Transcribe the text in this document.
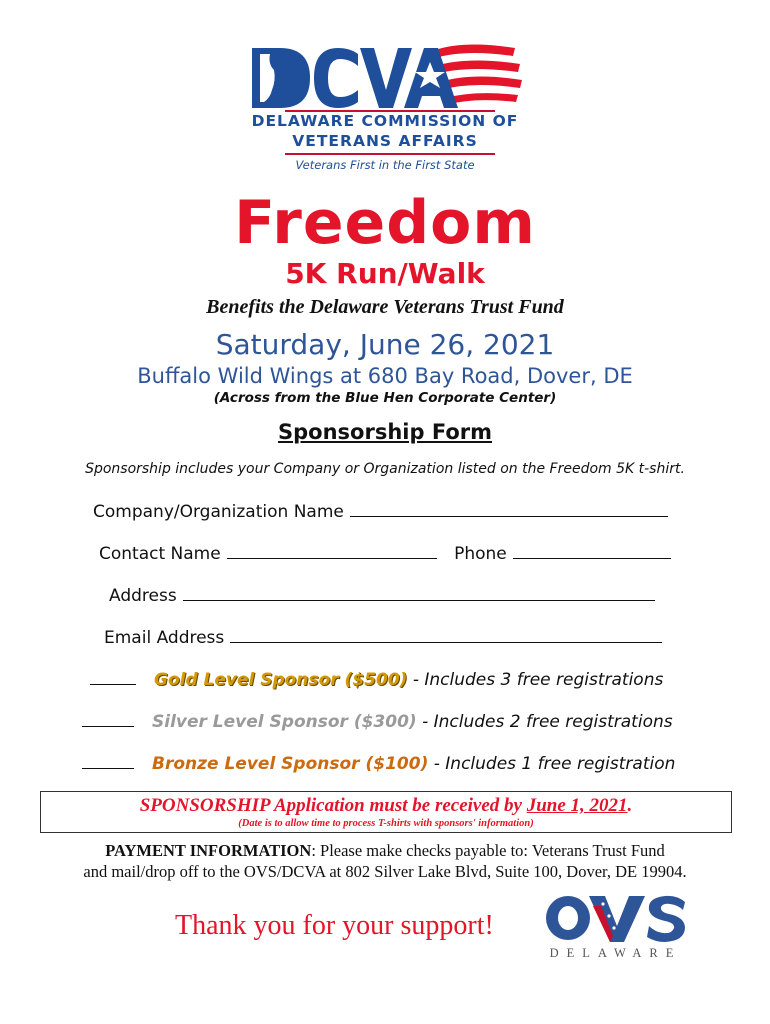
DELAWARE COMMISSION OF
VETERANS AFFAIRS
Veterans First in the First State
Freedom
5K Run/Walk
Benefits the Delaware Veterans Trust Fund
Saturday, June 26, 2021
Buffalo Wild Wings at 680 Bay Road, Dover, DE
(Across from the Blue Hen Corporate Center)
Sponsorship Form
Sponsorship includes your Company or Organization listed on the Freedom 5K t-shirt.
Company/Organization Name
Contact Name	Phone
Address
Email Address
Gold Level Sponsor ($500) - Includes 3 free registrations
Silver Level Sponsor ($300) - Includes 2 free registrations
Bronze Level Sponsor ($100) - Includes 1 free registration
SPONSORSHIP Application must be received by June 1, 2021.
(Date is to allow time to process T-shirts with sponsors' information)
PAYMENT INFORMATION: Please make checks payable to: Veterans Trust Fund
and mail/drop off to the OVS/DCVA at 802 Silver Lake Blvd, Suite 100, Dover, DE 19904.
Thank you for your support!
DELAWARE
